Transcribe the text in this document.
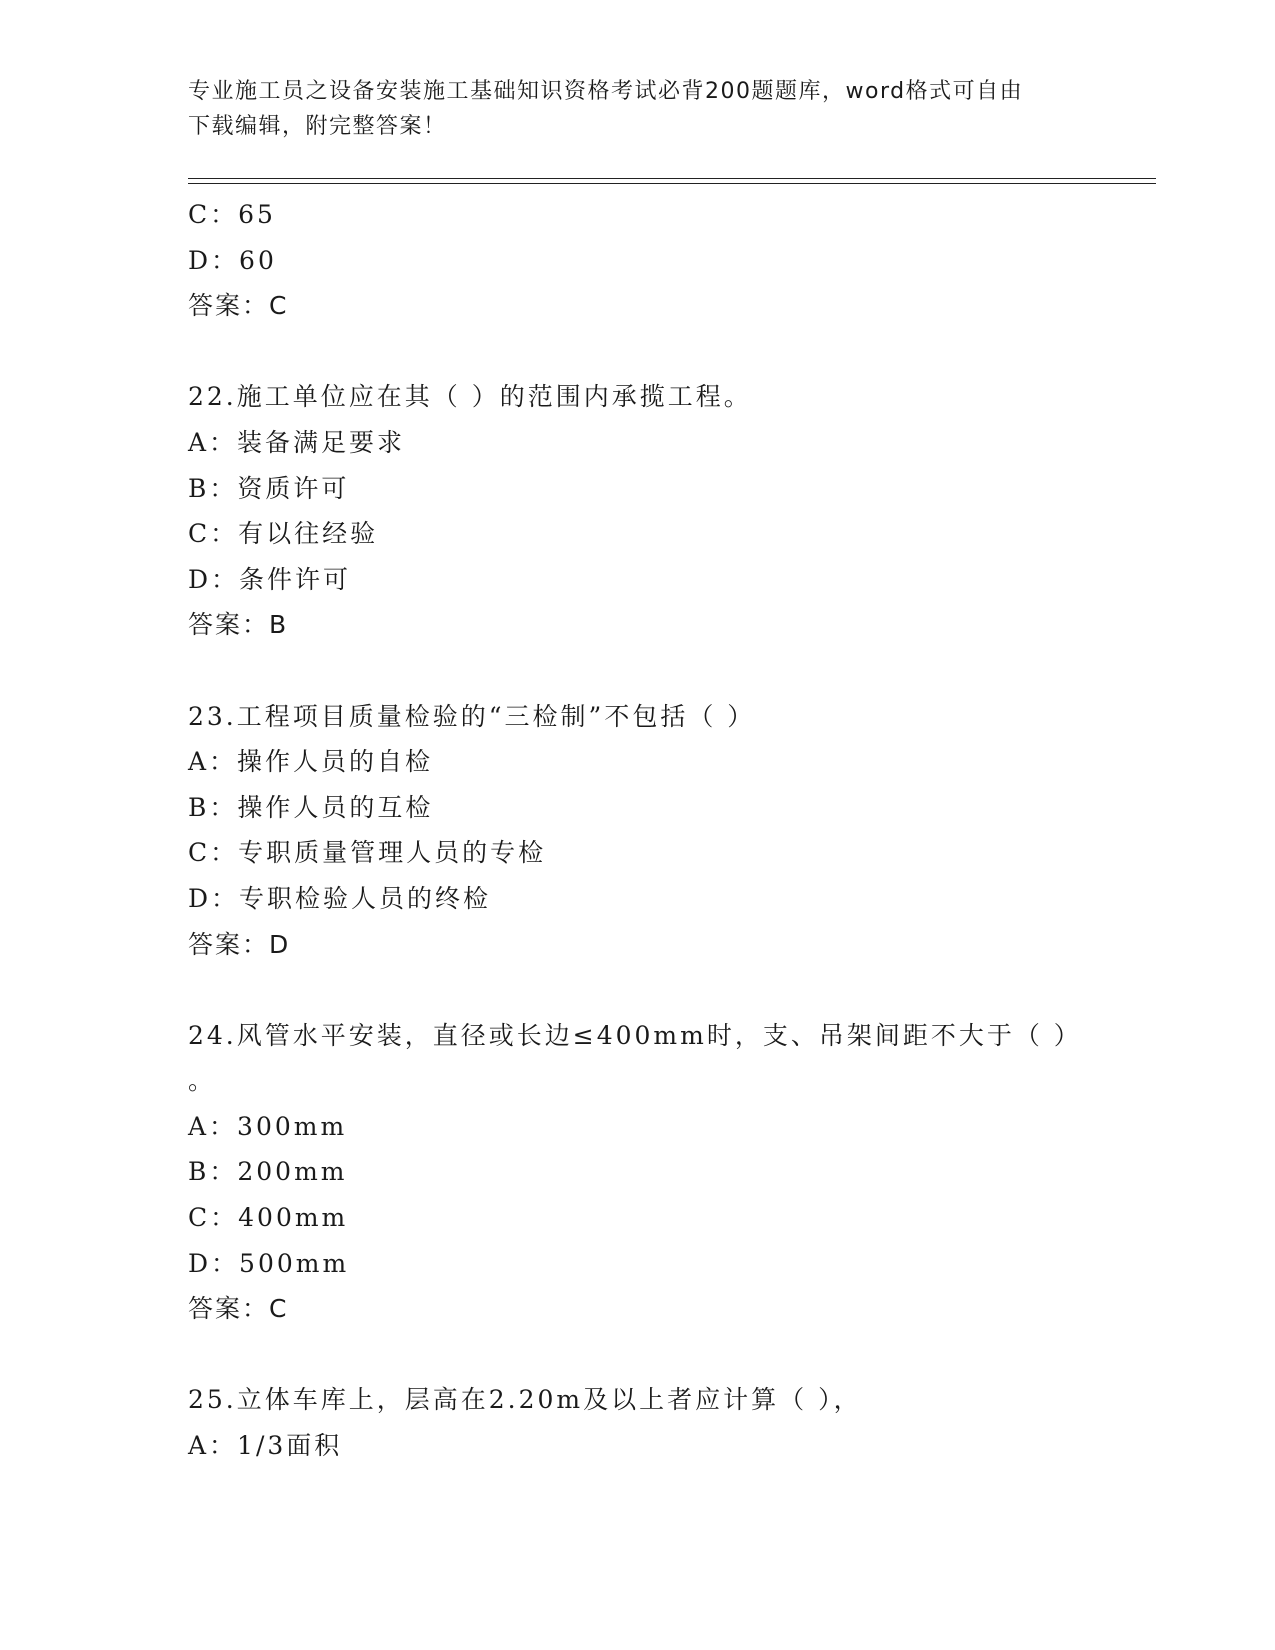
专业施工员之设备安装施工基础知识资格考试必背200题题库，word格式可自由
下载编辑，附完整答案！
C：65
D：60
答案：C
22.施工单位应在其（ ）的范围内承揽工程。
A：装备满足要求
B：资质许可
C：有以往经验
D：条件许可
答案：B
23.工程项目质量检验的“三检制”不包括（ ）
A：操作人员的自检
B：操作人员的互检
C：专职质量管理人员的专检
D：专职检验人员的终检
答案：D
24.风管水平安装，直径或长边≤400mm时，支、吊架间距不大于（ ）
。
A：300mm
B：200mm
C：400mm
D：500mm
答案：C
25.立体车库上，层高在2.20m及以上者应计算（ ），
A：1/3面积
